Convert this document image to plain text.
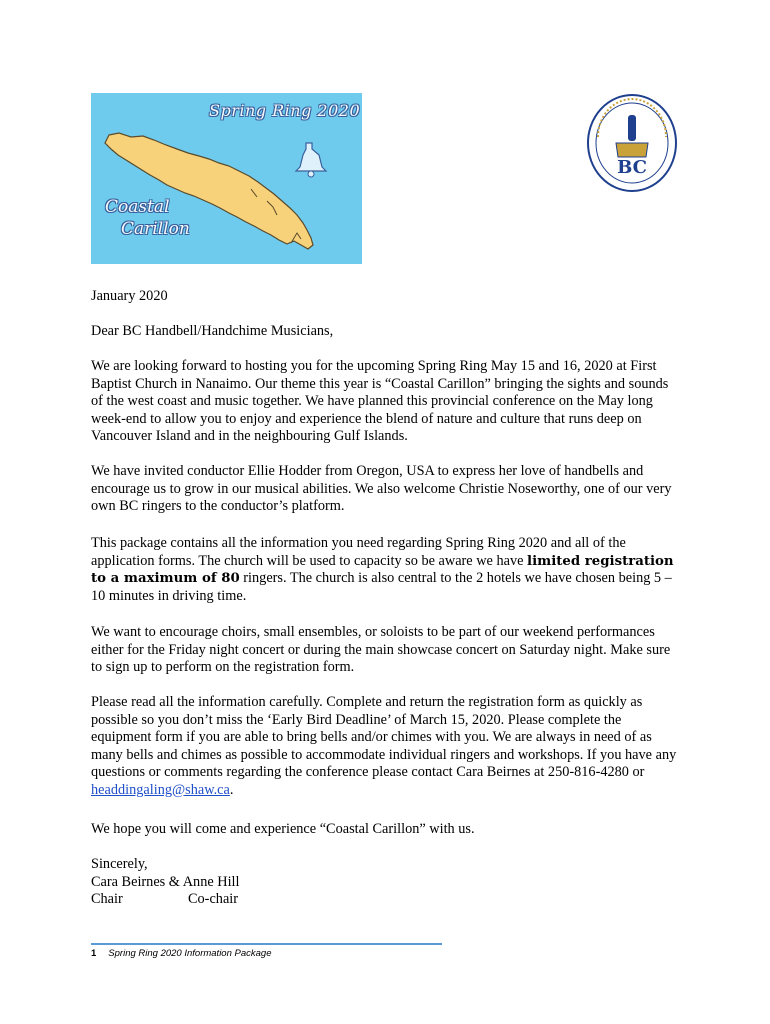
Spring Ring 2020
Coastal
Carillon
BC
January 2020
Dear BC Handbell/Handchime Musicians,

We are looking forward to hosting you for the upcoming Spring Ring May 15 and 16, 2020 at First Baptist Church in Nanaimo. Our theme this year is “Coastal Carillon” bringing the sights and sounds of the west coast and music together. We have planned this provincial conference on the May long week-end to allow you to enjoy and experience the blend of nature and culture that runs deep on Vancouver Island and in the neighbouring Gulf Islands.

We have invited conductor Ellie Hodder from Oregon, USA to express her love of handbells and encourage us to grow in our musical abilities. We also welcome Christie Noseworthy, one of our very own BC ringers to the conductor’s platform.

This package contains all the information you need regarding Spring Ring 2020 and all of the application forms. The church will be used to capacity so be aware we have limited registration to a maximum of 80 ringers. The church is also central to the 2 hotels we have chosen being 5 – 10 minutes in driving time.

We want to encourage choirs, small ensembles, or soloists to be part of our weekend performances either for the Friday night concert or during the main showcase concert on Saturday night. Make sure to sign up to perform on the registration form.

Please read all the information carefully. Complete and return the registration form as quickly as possible so you don’t miss the ‘Early Bird Deadline’ of March 15, 2020. Please complete the equipment form if you are able to bring bells and/or chimes with you. We are always in need of as many bells and chimes as possible to accommodate individual ringers and workshops. If you have any questions or comments regarding the conference please contact Cara Beirnes at 250-816-4280 or headdingaling@shaw.ca.

We hope you will come and experience “Coastal Carillon” with us.
Sincerely,
Cara Beirnes & Anne Hill
Chair	Co-chair
1 Spring Ring 2020 Information Package
